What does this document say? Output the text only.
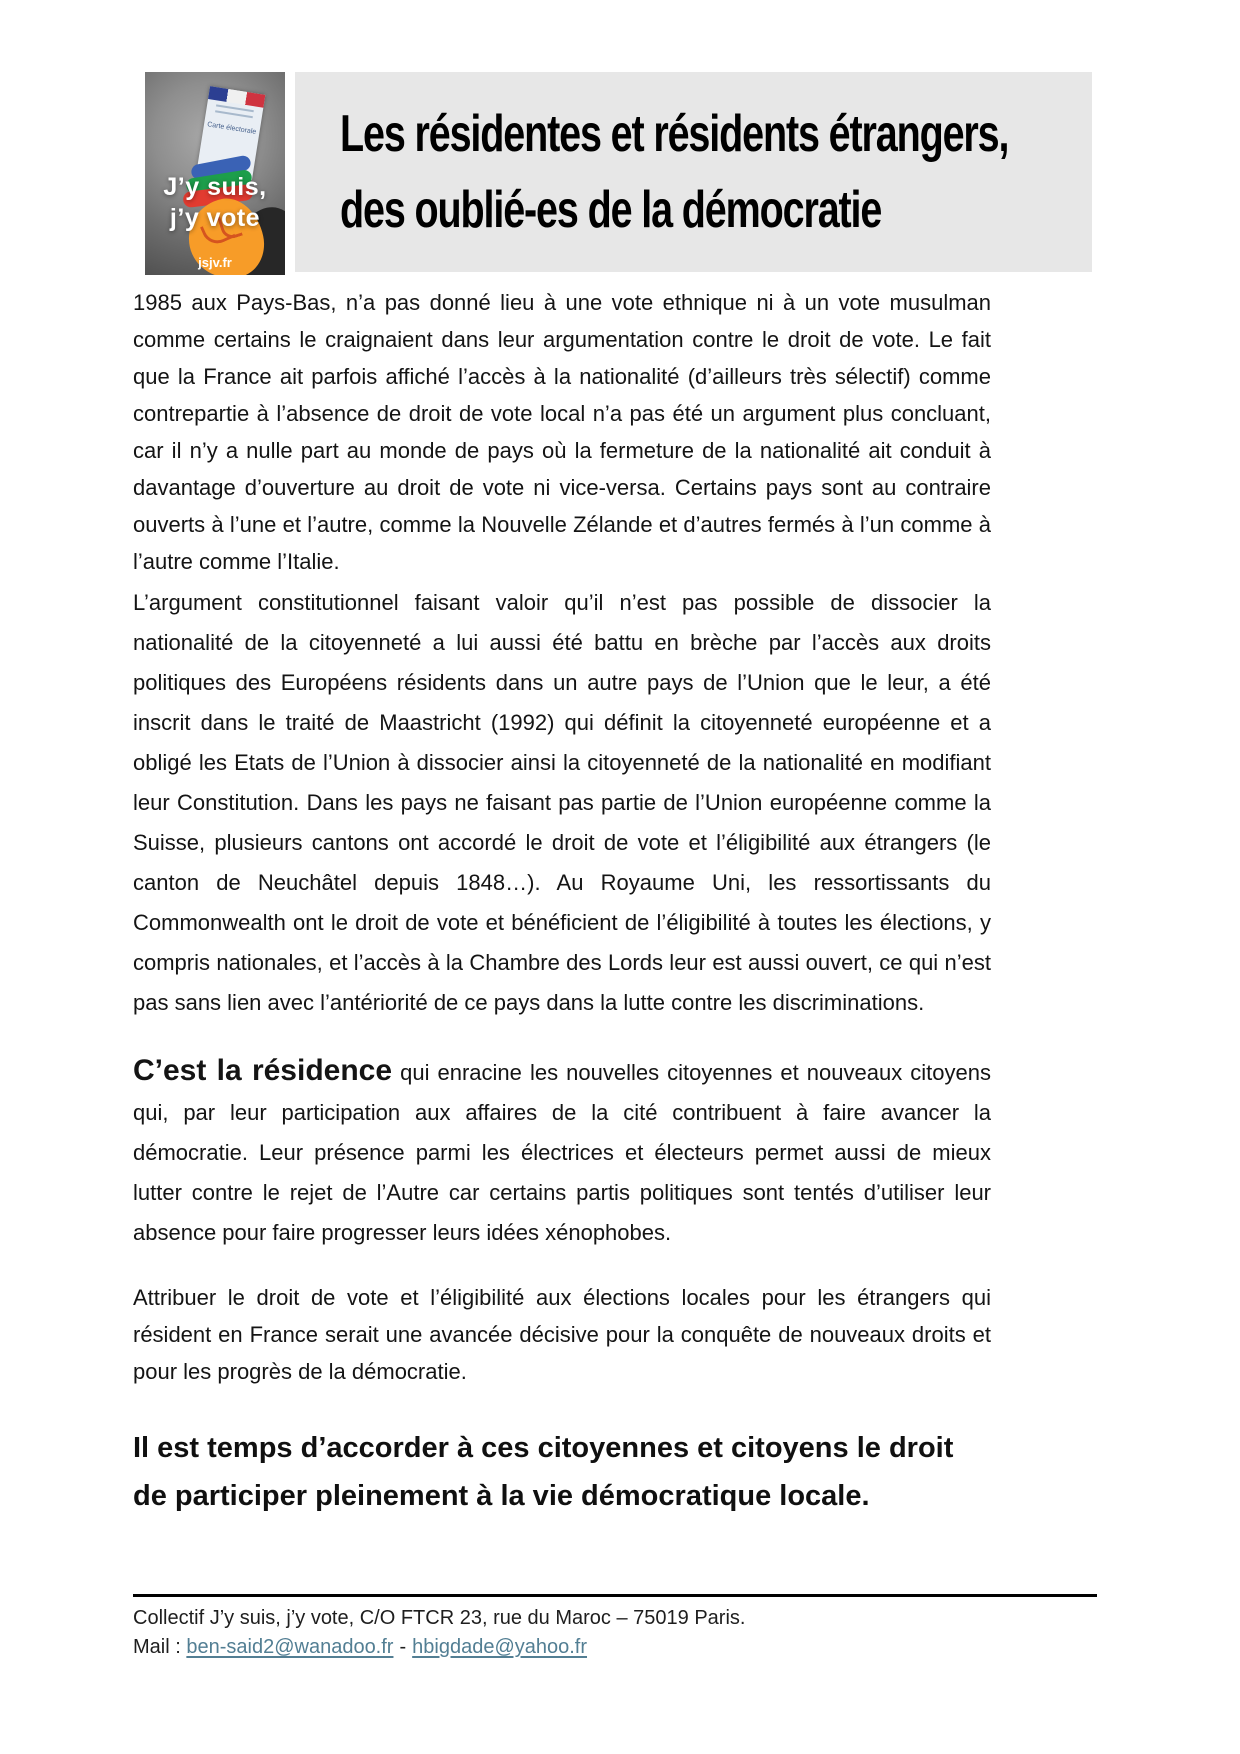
Carte électorale
J’y suis,
j’y vote
jsjv.fr
Les résidentes et résidents étrangers,
des oublié-es de la démocratie

1985 aux Pays-Bas, n’a pas donné lieu à une vote ethnique ni à un vote musulman comme certains le craignaient dans leur argumentation contre le droit de vote. Le fait que la France ait parfois affiché l’accès à la nationalité (d’ailleurs très sélectif) comme contrepartie à l’absence de droit de vote local n’a pas été un argument plus concluant, car il n’y a nulle part au monde de pays où la fermeture de la nationalité ait conduit à davantage d’ouverture au droit de vote ni vice-versa. Certains pays sont au contraire ouverts à l’une et l’autre, comme la Nouvelle Zélande et d’autres fermés à l’un comme à l’autre comme l’Italie.

L’argument constitutionnel faisant valoir qu’il n’est pas possible de dissocier la nationalité de la citoyenneté a lui aussi été battu en brèche par l’accès aux droits politiques des Européens résidents dans un autre pays de l’Union que le leur, a été inscrit dans le traité de Maastricht (1992) qui définit la citoyenneté européenne et a obligé les Etats de l’Union à dissocier ainsi la citoyenneté de la nationalité en modifiant leur Constitution. Dans les pays ne faisant pas partie de l’Union européenne comme la Suisse, plusieurs cantons ont accordé le droit de vote et l’éligibilité aux étrangers (le canton de Neuchâtel depuis 1848…). Au Royaume Uni, les ressortissants du Commonwealth ont le droit de vote et bénéficient de l’éligibilité à toutes les élections, y compris nationales, et l’accès à la Chambre des Lords leur est aussi ouvert, ce qui n’est pas sans lien avec l’antériorité de ce pays dans la lutte contre les discriminations.

C’est la résidence qui enracine les nouvelles citoyennes et nouveaux citoyens qui, par leur participation aux affaires de la cité contribuent à faire avancer la démocratie. Leur présence parmi les électrices et électeurs permet aussi de mieux lutter contre le rejet de l’Autre car certains partis politiques sont tentés d’utiliser leur absence pour faire progresser leurs idées xénophobes.

Attribuer le droit de vote et l’éligibilité aux élections locales pour les étrangers qui résident en France serait une avancée décisive pour la conquête de nouveaux droits et pour les progrès de la démocratie.

Il est temps d’accorder à ces citoyennes et citoyens le droit de participer pleinement à la vie démocratique locale.

Collectif J’y suis, j’y vote, C/O FTCR 23, rue du Maroc – 75019 Paris.

Mail : ben-said2@wanadoo.fr - hbigdade@yahoo.fr
